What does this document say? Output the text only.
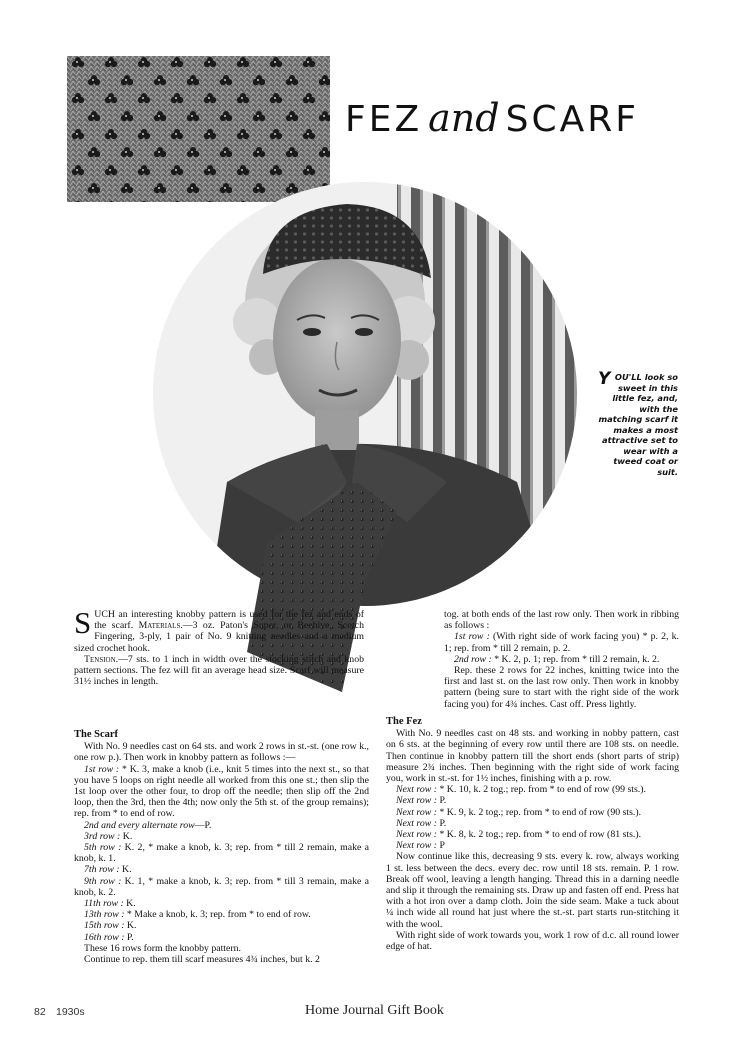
FEZ and SCARF
YOU'LL look so sweet in this little fez, and, with the matching scarf it makes a most attractive set to wear with a tweed coat or suit.

SUCH an interesting knobby pattern is used for the fez and ends of the scarf. Materials.—3 oz. Paton's Super, or Beehive, Scotch Fingering, 3-ply, 1 pair of No. 9 knitting needles and a medium sized crochet hook.

Tension.—7 sts. to 1 inch in width over the stocking stitch and knob pattern sections. The fez will fit an average head size. Scarf will measure 31½ inches in length.

The Scarf

With No. 9 needles cast on 64 sts. and work 2 rows in st.-st. (one row k., one row p.). Then work in knobby pattern as follows :—

1st row : * K. 3, make a knob (i.e., knit 5 times into the next st., so that you have 5 loops on right needle all worked from this one st.; then slip the 1st loop over the other four, to drop off the needle; then slip off the 2nd loop, then the 3rd, then the 4th; now only the 5th st. of the group remains); rep. from * to end of row.

2nd and every alternate row—P.

3rd row : K.

5th row : K. 2, * make a knob, k. 3; rep. from * till 2 remain, make a knob, k. 1.

7th row : K.

9th row : K. 1, * make a knob, k. 3; rep. from * till 3 remain, make a knob, k. 2.

11th row : K.

13th row : * Make a knob, k. 3; rep. from * to end of row.

15th row : K.

16th row : P.

These 16 rows form the knobby pattern.

Continue to rep. them till scarf measures 4¾ inches, but k. 2

tog. at both ends of the last row only. Then work in ribbing as follows :

1st row : (With right side of work facing you) * p. 2, k. 1; rep. from * till 2 remain, p. 2.

2nd row : * K. 2, p. 1; rep. from * till 2 remain, k. 2.

Rep. these 2 rows for 22 inches, knitting twice into the first and last st. on the last row only. Then work in knobby pattern (being sure to start with the right side of the work facing you) for 4¾ inches. Cast off. Press lightly.

The Fez

With No. 9 needles cast on 48 sts. and working in nobby pattern, cast on 6 sts. at the beginning of every row until there are 108 sts. on needle. Then continue in knobby pattern till the short ends (short parts of strip) measure 2¾ inches. Then beginning with the right side of work facing you, work in st.-st. for 1½ inches, finishing with a p. row.

Next row : * K. 10, k. 2 tog.; rep. from * to end of row (99 sts.).

Next row : P.

Next row : * K. 9, k. 2 tog.; rep. from * to end of row (90 sts.).

Next row : P.

Next row : * K. 8, k. 2 tog.; rep. from * to end of row (81 sts.).

Next row : P

Now continue like this, decreasing 9 sts. every k. row, always working 1 st. less between the decs. every dec. row until 18 sts. remain. P. 1 row. Break off wool, leaving a length hanging. Thread this in a darning needle and slip it through the remaining sts. Draw up and fasten off end. Press hat with a hot iron over a damp cloth. Join the side seam. Make a tuck about ¼ inch wide all round hat just where the st.-st. part starts run-stitching it with the wool.

With right side of work towards you, work 1 row of d.c. all round lower edge of hat.

82 1930s	Home Journal Gift Book
